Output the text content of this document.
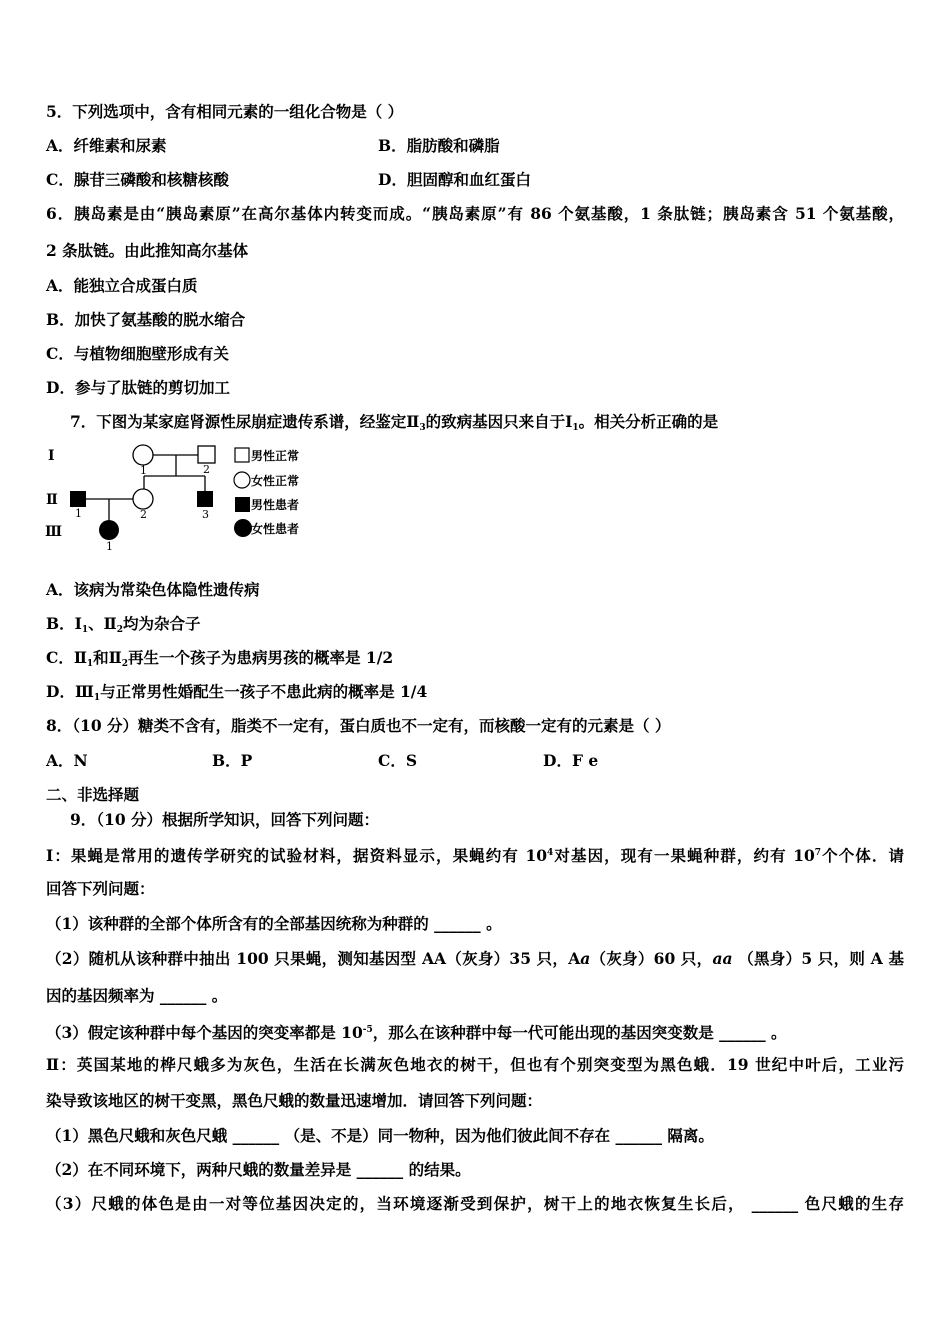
5．下列选项中，含有相同元素的一组化合物是（ ）
A．纤维素和尿素	B．脂肪酸和磷脂
C．腺苷三磷酸和核糖核酸	D．胆固醇和血红蛋白
6．胰岛素是由“胰岛素原”在高尔基体内转变而成。“胰岛素原”有 86 个氨基酸，1 条肽链；胰岛素含 51 个氨基酸，
2 条肽链。由此推知高尔基体
A．能独立合成蛋白质
B．加快了氨基酸的脱水缩合
C．与植物细胞壁形成有关
D．参与了肽链的剪切加工
7．下图为某家庭肾源性尿崩症遗传系谱，经鉴定$Ⅱ_3$的致病基因只来自于$Ⅰ_1$。相关分析正确的是
A．该病为常染色体隐性遗传病
B．$Ⅰ_1$、$Ⅱ_2$均为杂合子
C．$Ⅱ_1$和$Ⅱ_2$再生一个孩子为患病男孩的概率是 1/2
D．$Ⅲ_1$与正常男性婚配生一孩子不患此病的概率是 1/4
8．（10 分）糖类不含有，脂类不一定有，蛋白质也不一定有，而核酸一定有的元素是（ ）
A．N	B．P	C．S	D．F e
二、非选择题
9．（10 分）根据所学知识，回答下列问题：
I：果蝇是常用的遗传学研究的试验材料，据资料显示，果蝇约有 $10^4$对基因，现有一果蝇种群，约有 $10^7$个个体．请
回答下列问题：
（1）该种群的全部个体所含有的全部基因统称为种群的 ______ 。
（2）随机从该种群中抽出 100 只果蝇，测知基因型 AA（灰身）35 只，Aa（灰身）60 只，aa （黑身）5 只，则 A 基
因的基因频率为 ______ 。
（3）假定该种群中每个基因的突变率都是 $10^{-5}$，那么在该种群中每一代可能出现的基因突变数是 ______ 。
Ⅱ：英国某地的桦尺蛾多为灰色，生活在长满灰色地衣的树干，但也有个别突变型为黑色蛾．19 世纪中叶后，工业污
染导致该地区的树干变黑，黑色尺蛾的数量迅速增加．请回答下列问题：
（1）黑色尺蛾和灰色尺蛾 ______ （是、不是）同一物种，因为他们彼此间不存在 ______ 隔离。
（2）在不同环境下，两种尺蛾的数量差异是 ______ 的结果。
（3）尺蛾的体色是由一对等位基因决定的，当环境逐渐受到保护，树干上的地衣恢复生长后， ______ 色尺蛾的生存
Ⅰ
Ⅱ
Ⅲ
1	2
1	2	3
1
男性正常
女性正常
男性患者
女性患者
